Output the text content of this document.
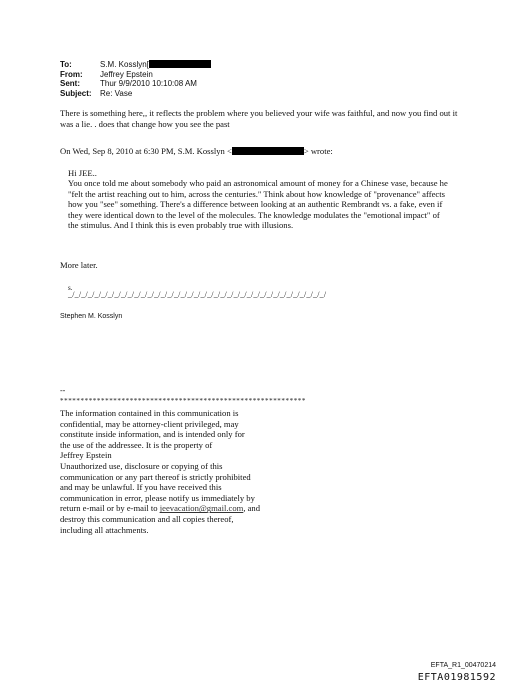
To:	S.M. Kosslyn[
From:	Jeffrey Epstein
Sent:	Thur 9/9/2010 10:10:08 AM
Subject:	Re: Vase

There is something here,, it reflects the problem where you believed your wife was faithful, and now you find out it was a lie. . does that change how you see the past

On Wed, Sep 8, 2010 at 6:30 PM, S.M. Kosslyn <	> wrote:

Hi JEE..

You once told me about somebody who paid an astronomical amount of money for a Chinese vase, because he "felt the artist reaching out to him, across the centuries." Think about how knowledge of "provenance" affects how you "see" something. There's a difference between looking at an authentic Rembrandt vs. a fake, even if they were identical down to the level of the molecules. The knowledge modulates the "emotional impact" of the stimulus. And I think this is even probably true with illusions.

More later.

s.

_/_/_/_/_/_/_/_/_/_/_/_/_/_/_/_/_/_/_/_/_/_/_/_/_/_/_/_/_/_/_/_/_/_/_/_/_/_/_/
Stephen M. Kosslyn
--
************************************************************
The information contained in this communication is
confidential, may be attorney-client privileged, may
constitute inside information, and is intended only for
the use of the addressee. It is the property of
Jeffrey Epstein
Unauthorized use, disclosure or copying of this
communication or any part thereof is strictly prohibited
and may be unlawful. If you have received this
communication in error, please notify us immediately by
return e-mail or by e-mail to jeevacation@gmail.com, and
destroy this communication and all copies thereof,
including all attachments.
EFTA_R1_00470214
EFTA01981592
